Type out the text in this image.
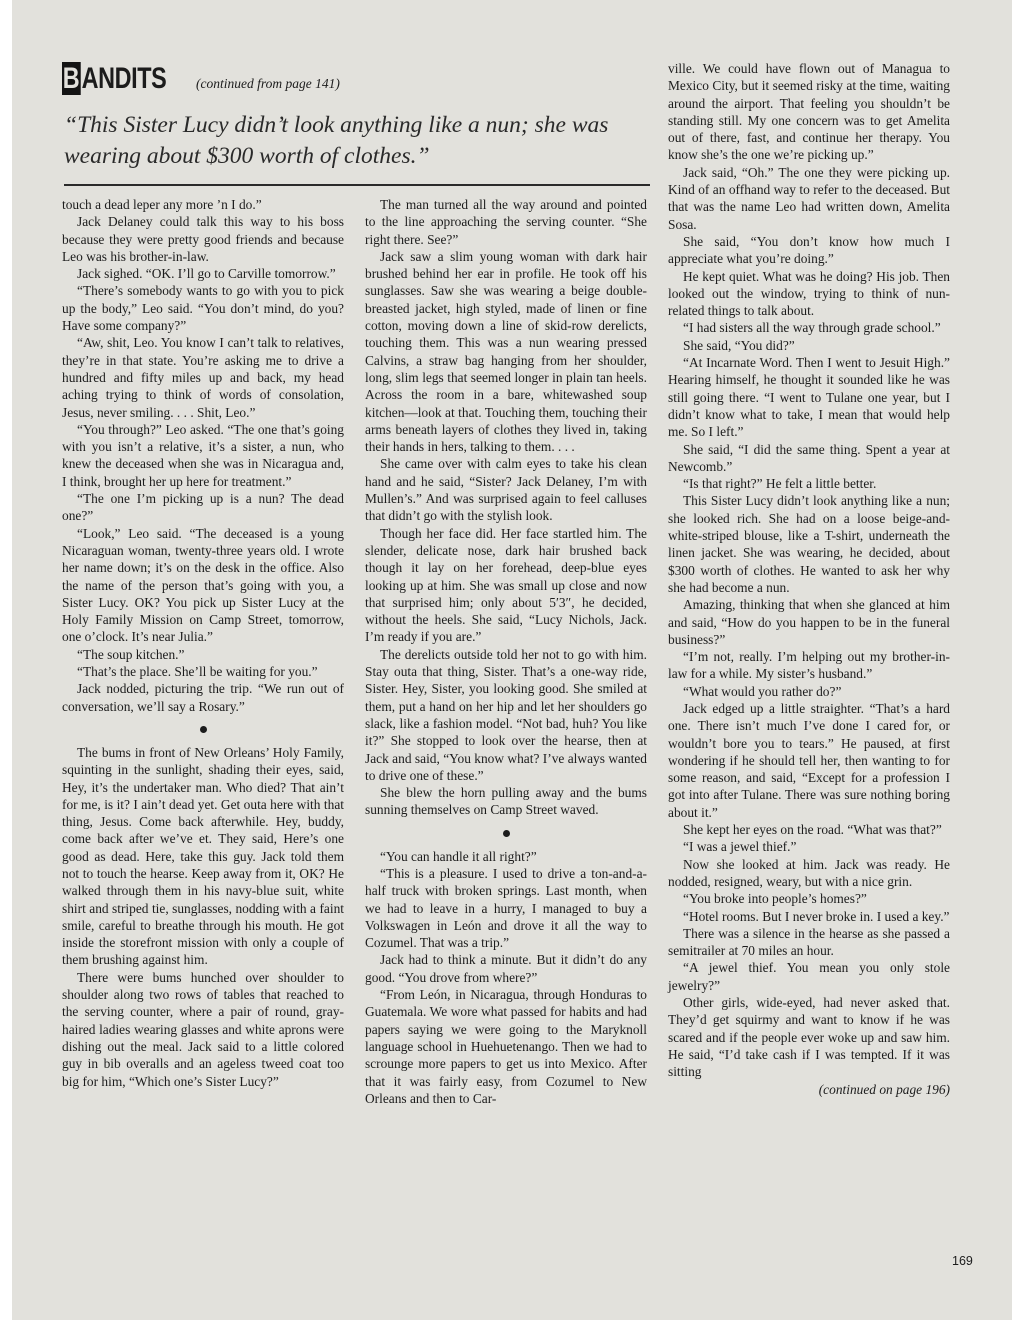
BANDITS (continued from page 141)
“This Sister Lucy didn’t look anything like a nun; she was wearing about $300 worth of clothes.”

touch a dead leper any more ’n I do.”

Jack Delaney could talk this way to his boss because they were pretty good friends and because Leo was his brother-in-law.

Jack sighed. “OK. I’ll go to Carville tomorrow.”

“There’s somebody wants to go with you to pick up the body,” Leo said. “You don’t mind, do you? Have some company?”

“Aw, shit, Leo. You know I can’t talk to relatives, they’re in that state. You’re asking me to drive a hundred and fifty miles up and back, my head aching trying to think of words of consolation, Jesus, never smiling. . . . Shit, Leo.”

“You through?” Leo asked. “The one that’s going with you isn’t a relative, it’s a sister, a nun, who knew the deceased when she was in Nicaragua and, I think, brought her up here for treatment.”

“The one I’m picking up is a nun? The dead one?”

“Look,” Leo said. “The deceased is a young Nicaraguan woman, twenty-three years old. I wrote her name down; it’s on the desk in the office. Also the name of the person that’s going with you, a Sister Lucy. OK? You pick up Sister Lucy at the Holy Family Mission on Camp Street, tomorrow, one o’clock. It’s near Julia.”

“The soup kitchen.”

“That’s the place. She’ll be waiting for you.”

Jack nodded, picturing the trip. “We run out of conversation, we’ll say a Rosary.”

The bums in front of New Orleans’ Holy Family, squinting in the sunlight, shading their eyes, said, Hey, it’s the undertaker man. Who died? That ain’t for me, is it? I ain’t dead yet. Get outa here with that thing, Jesus. Come back afterwhile. Hey, buddy, come back after we’ve et. They said, Here’s one good as dead. Here, take this guy. Jack told them not to touch the hearse. Keep away from it, OK? He walked through them in his navy-blue suit, white shirt and striped tie, sunglasses, nodding with a faint smile, careful to breathe through his mouth. He got inside the storefront mission with only a couple of them brushing against him.

There were bums hunched over shoulder to shoulder along two rows of tables that reached to the serving counter, where a pair of round, gray-haired ladies wearing glasses and white aprons were dishing out the meal. Jack said to a little colored guy in bib overalls and an ageless tweed coat too big for him, “Which one’s Sister Lucy?”

The man turned all the way around and pointed to the line approaching the serving counter. “She right there. See?”

Jack saw a slim young woman with dark hair brushed behind her ear in profile. He took off his sunglasses. Saw she was wearing a beige double-breasted jacket, high styled, made of linen or fine cotton, moving down a line of skid-row derelicts, touching them. This was a nun wearing pressed Calvins, a straw bag hanging from her shoulder, long, slim legs that seemed longer in plain tan heels. Across the room in a bare, whitewashed soup kitchen—look at that. Touching them, touching their arms beneath layers of clothes they lived in, taking their hands in hers, talking to them. . . .

She came over with calm eyes to take his clean hand and he said, “Sister? Jack Delaney, I’m with Mullen’s.” And was surprised again to feel calluses that didn’t go with the stylish look.

Though her face did. Her face startled him. The slender, delicate nose, dark hair brushed back though it lay on her forehead, deep-blue eyes looking up at him. She was small up close and now that surprised him; only about 5′3″, he decided, without the heels. She said, “Lucy Nichols, Jack. I’m ready if you are.”

The derelicts outside told her not to go with him. Stay outa that thing, Sister. That’s a one-way ride, Sister. Hey, Sister, you looking good. She smiled at them, put a hand on her hip and let her shoulders go slack, like a fashion model. “Not bad, huh? You like it?” She stopped to look over the hearse, then at Jack and said, “You know what? I’ve always wanted to drive one of these.”

She blew the horn pulling away and the bums sunning themselves on Camp Street waved.

“You can handle it all right?”

“This is a pleasure. I used to drive a ton-and-a-half truck with broken springs. Last month, when we had to leave in a hurry, I managed to buy a Volkswagen in León and drove it all the way to Cozumel. That was a trip.”

Jack had to think a minute. But it didn’t do any good. “You drove from where?”

“From León, in Nicaragua, through Honduras to Guatemala. We wore what passed for habits and had papers saying we were going to the Maryknoll language school in Huehuetenango. Then we had to scrounge more papers to get us into Mexico. After that it was fairly easy, from Cozumel to New Orleans and then to Car-

ville. We could have flown out of Managua to Mexico City, but it seemed risky at the time, waiting around the airport. That feeling you shouldn’t be standing still. My one concern was to get Amelita out of there, fast, and continue her therapy. You know she’s the one we’re picking up.”

Jack said, “Oh.” The one they were picking up. Kind of an offhand way to refer to the deceased. But that was the name Leo had written down, Amelita Sosa.

She said, “You don’t know how much I appreciate what you’re doing.”

He kept quiet. What was he doing? His job. Then looked out the window, trying to think of nun-related things to talk about.

“I had sisters all the way through grade school.”

She said, “You did?”

“At Incarnate Word. Then I went to Jesuit High.” Hearing himself, he thought it sounded like he was still going there. “I went to Tulane one year, but I didn’t know what to take, I mean that would help me. So I left.”

She said, “I did the same thing. Spent a year at Newcomb.”

“Is that right?” He felt a little better.

This Sister Lucy didn’t look anything like a nun; she looked rich. She had on a loose beige-and-white-striped blouse, like a T-shirt, underneath the linen jacket. She was wearing, he decided, about $300 worth of clothes. He wanted to ask her why she had become a nun.

Amazing, thinking that when she glanced at him and said, “How do you happen to be in the funeral business?”

“I’m not, really. I’m helping out my brother-in-law for a while. My sister’s husband.”

“What would you rather do?”

Jack edged up a little straighter. “That’s a hard one. There isn’t much I’ve done I cared for, or wouldn’t bore you to tears.” He paused, at first wondering if he should tell her, then wanting to for some reason, and said, “Except for a profession I got into after Tulane. There was sure nothing boring about it.”

She kept her eyes on the road. “What was that?”

“I was a jewel thief.”

Now she looked at him. Jack was ready. He nodded, resigned, weary, but with a nice grin.

“You broke into people’s homes?”

“Hotel rooms. But I never broke in. I used a key.”

There was a silence in the hearse as she passed a semitrailer at 70 miles an hour.

“A jewel thief. You mean you only stole jewelry?”

Other girls, wide-eyed, had never asked that. They’d get squirmy and want to know if he was scared and if the people ever woke up and saw him. He said, “I’d take cash if I was tempted. If it was sitting

(continued on page 196)

169
